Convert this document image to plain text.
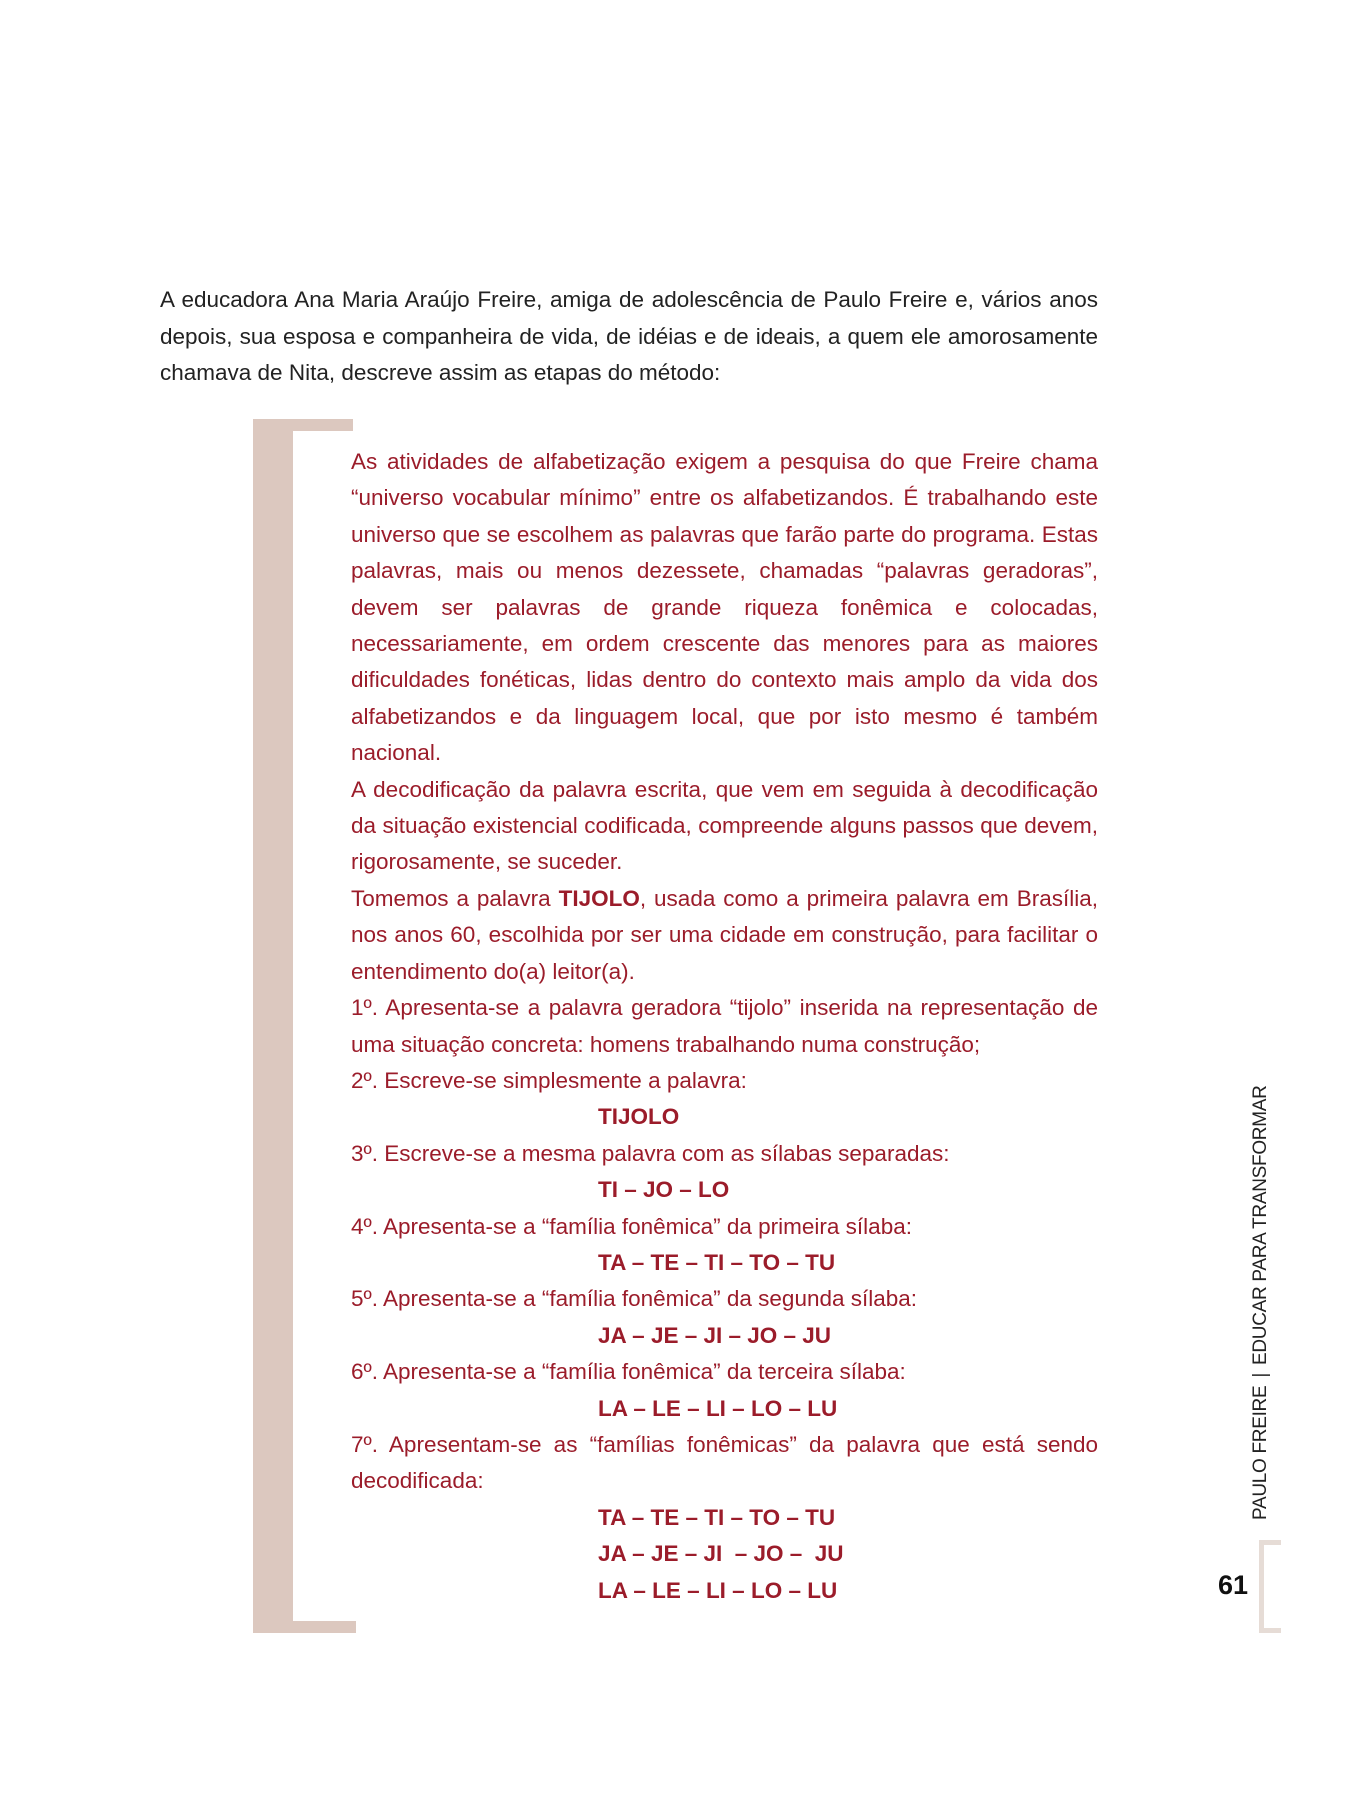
A educadora Ana Maria Araújo Freire, amiga de adolescência de Paulo Freire e, vários anos depois, sua esposa e companheira de vida, de idéias e de ideais, a quem ele amorosamente chamava de Nita, descreve assim as etapas do método:

As atividades de alfabetização exigem a pesquisa do que Freire chama “universo vocabular mínimo” entre os alfabetizandos. É trabalhando este universo que se escolhem as palavras que farão parte do programa. Estas palavras, mais ou menos dezessete, chamadas “palavras geradoras”, devem ser palavras de grande riqueza fonêmica e colocadas, necessariamente, em ordem crescente das menores para as maiores dificuldades fonéticas, lidas dentro do contexto mais amplo da vida dos alfabetizandos e da linguagem local, que por isto mesmo é também nacional.

A decodificação da palavra escrita, que vem em seguida à decodificação da situação existencial codificada, compreende alguns passos que devem, rigorosamente, se suceder.

Tomemos a palavra TIJOLO, usada como a primeira palavra em Brasília, nos anos 60, escolhida por ser uma cidade em construção, para facilitar o entendimento do(a) leitor(a).

1º. Apresenta-se a palavra geradora “tijolo” inserida na representação de uma situação concreta: homens trabalhando numa construção;

2º. Escreve-se simplesmente a palavra:

TIJOLO

3º. Escreve-se a mesma palavra com as sílabas separadas:

TI – JO – LO

4º. Apresenta-se a “família fonêmica” da primeira sílaba:

TA – TE – TI – TO – TU

5º. Apresenta-se a “família fonêmica” da segunda sílaba:

JA – JE – JI – JO – JU

6º. Apresenta-se a “família fonêmica” da terceira sílaba:

LA – LE – LI – LO – LU

7º. Apresentam-se as “famílias fonêmicas” da palavra que está sendo decodificada:

TA – TE – TI – TO – TU

JA – JE – JI  – JO –  JU

LA – LE – LI – LO – LU

PAULO FREIRE|EDUCAR PARA TRANSFORMAR
61
